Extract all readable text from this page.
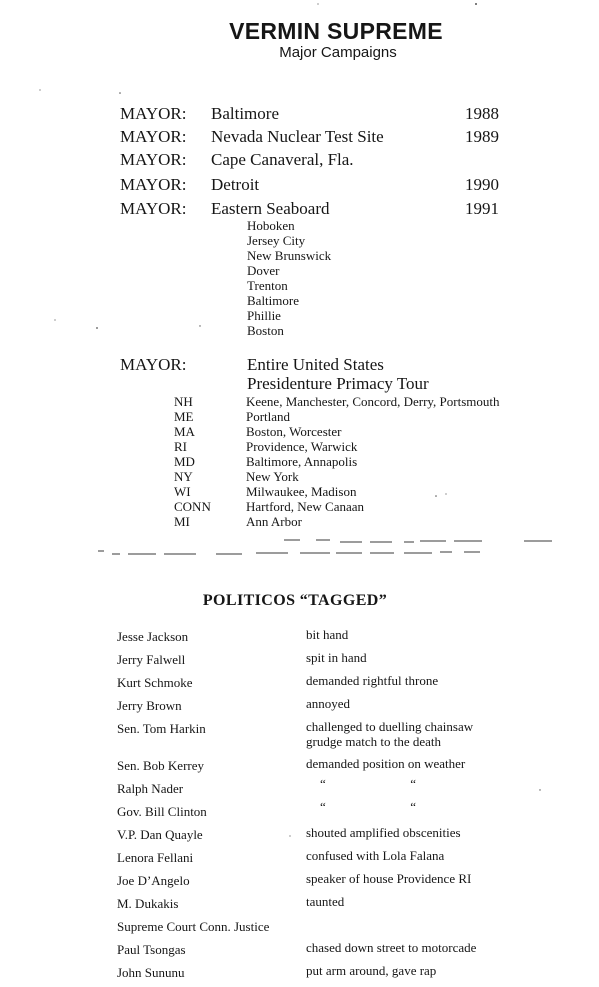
VERMIN SUPREME
Major Campaigns
MAYOR: Baltimore	1988
MAYOR: Nevada Nuclear Test Site	1989
MAYOR: Cape Canaveral, Fla.
MAYOR: Detroit	1990
MAYOR: Eastern Seaboard	1991
Hoboken
Jersey City
New Brunswick
Dover
Trenton
Baltimore
Phillie
Boston
MAYOR:	Entire United States
Presidenture Primacy Tour
NH	Keene, Manchester, Concord, Derry, Portsmouth
ME	Portland
MA	Boston, Worcester
RI	Providence, Warwick
MD	Baltimore, Annapolis
NY	New York
WI	Milwaukee, Madison
CONN	Hartford, New Canaan
MI	Ann Arbor
POLITICOS “TAGGED”
Jesse Jackson	bit hand
Jerry Falwell	spit in hand
Kurt Schmoke	demanded rightful throne
Jerry Brown	annoyed
Sen. Tom Harkin	challenged to duelling chainsaw
grudge match to the death
Sen. Bob Kerrey	demanded position on weather
Ralph Nader	“                          “
Gov. Bill Clinton	“                          “
V.P. Dan Quayle	shouted amplified obscenities
Lenora Fellani	confused with Lola Falana
Joe D’Angelo	speaker of house Providence RI
M. Dukakis	taunted
Supreme Court Conn. Justice
Paul Tsongas	chased down street to motorcade
John Sununu	put arm around, gave rap
